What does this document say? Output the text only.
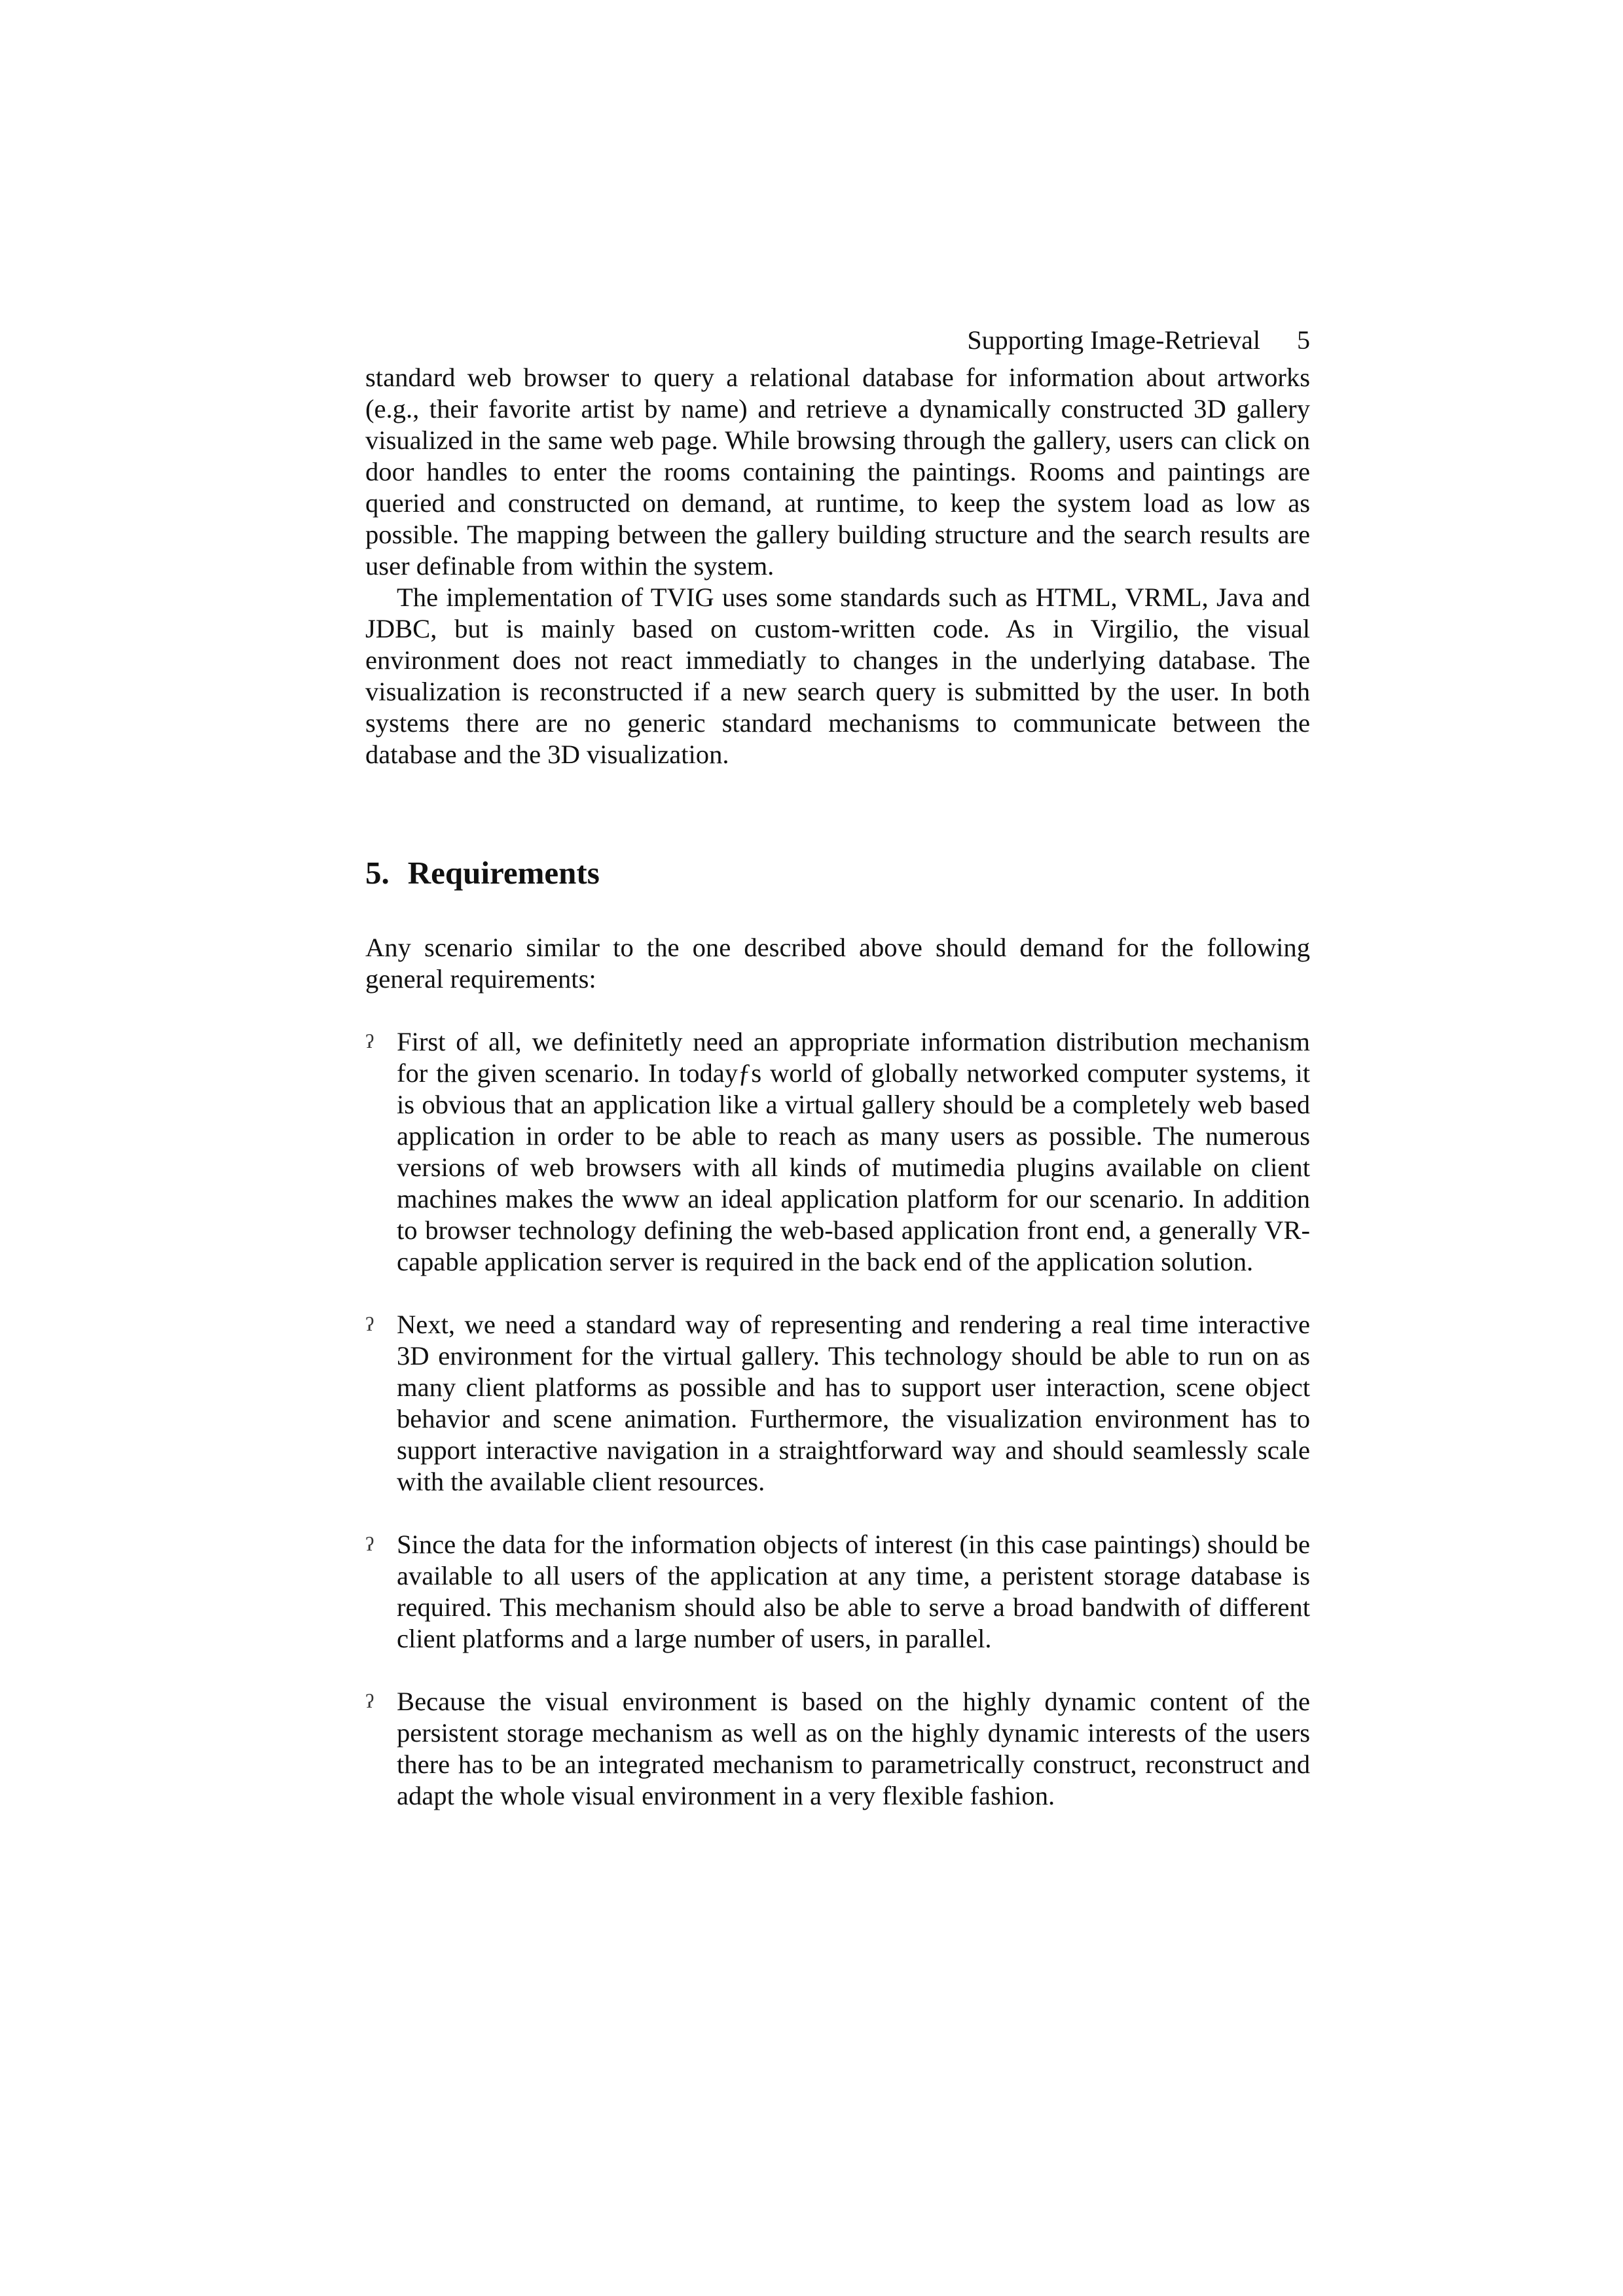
Supporting Image-Retrieval 5

standard web browser to query a relational database for information about artworks (e.g., their favorite artist by name) and retrieve a dynamically constructed 3D gallery visualized in the same web page. While browsing through the gallery, users can click on door handles to enter the rooms containing the paintings. Rooms and paintings are queried and constructed on demand, at runtime, to keep the system load as low as possible. The mapping between the gallery building structure and the search results are user definable from within the system.

The implementation of TVIG uses some standards such as HTML, VRML, Java and JDBC, but is mainly based on custom-written code. As in Virgilio, the visual environment does not react immediatly to changes in the underlying database. The visualization is reconstructed if a new search query is submitted by the user. In both systems there are no generic standard mechanisms to communicate between the database and the 3D visualization.

5. Requirements

Any scenario similar to the one described above should demand for the following general requirements:

ʔ First of all, we definitetly need an appropriate information distribution mechanism for the given scenario. In todayƒs world of globally networked computer systems, it is obvious that an application like a virtual gallery should be a completely web based application in order to be able to reach as many users as possible. The numerous versions of web browsers with all kinds of mutimedia plugins available on client machines makes the www an ideal application platform for our scenario. In addition to browser technology defining the web-based application front end, a generally VR-capable application server is required in the back end of the application solution.

ʔ Next, we need a standard way of representing and rendering a real time interactive 3D environment for the virtual gallery. This technology should be able to run on as many client platforms as possible and has to support user interaction, scene object behavior and scene animation. Furthermore, the visualization environment has to support interactive navigation in a straightforward way and should seamlessly scale with the available client resources.

ʔ Since the data for the information objects of interest (in this case paintings) should be available to all users of the application at any time, a peristent storage database is required. This mechanism should also be able to serve a broad bandwith of different client platforms and a large number of users, in parallel.

ʔ Because the visual environment is based on the highly dynamic content of the persistent storage mechanism as well as on the highly dynamic interests of the users there has to be an integrated mechanism to parametrically construct, reconstruct and adapt the whole visual environment in a very flexible fashion.
